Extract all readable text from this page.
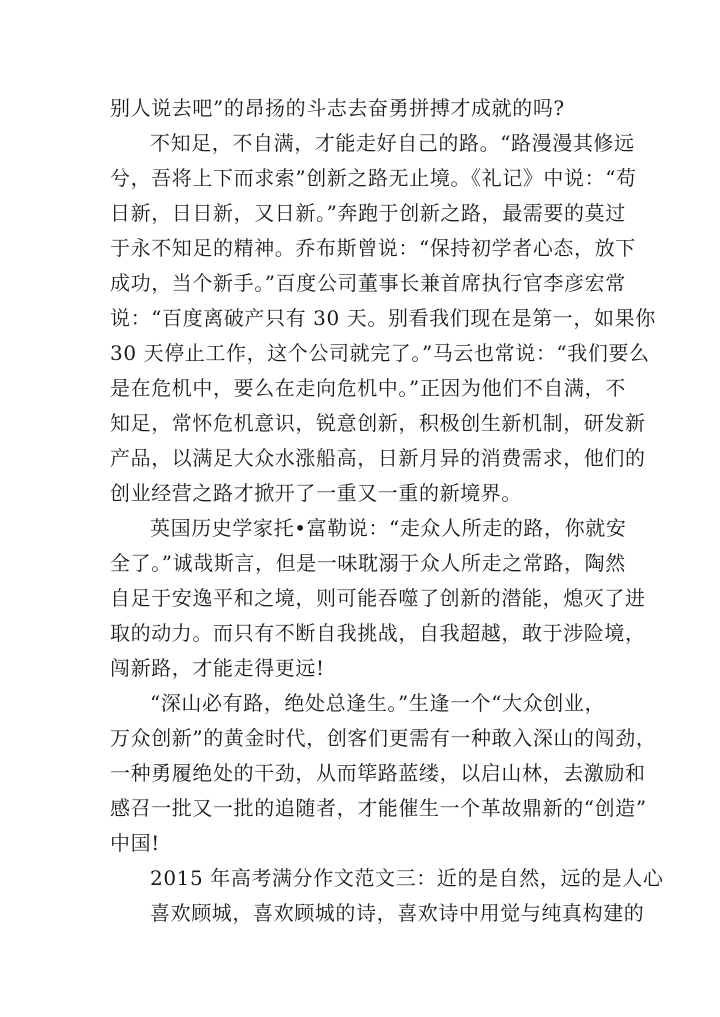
别人说去吧”的昂扬的斗志去奋勇拼搏才成就的吗?

不知足，不自满，才能走好自己的路。“路漫漫其修远

兮，吾将上下而求索”创新之路无止境。《礼记》中说：“苟

日新，日日新，又日新。”奔跑于创新之路，最需要的莫过

于永不知足的精神。乔布斯曾说：“保持初学者心态，放下

成功，当个新手。”百度公司董事长兼首席执行官李彦宏常

说：“百度离破产只有 30 天。别看我们现在是第一，如果你

30 天停止工作，这个公司就完了。”马云也常说：“我们要么

是在危机中，要么在走向危机中。”正因为他们不自满，不

知足，常怀危机意识，锐意创新，积极创生新机制，研发新

产品，以满足大众水涨船高，日新月异的消费需求，他们的

创业经营之路才掀开了一重又一重的新境界。

英国历史学家托•富勒说：“走众人所走的路，你就安

全了。”诚哉斯言，但是一味耽溺于众人所走之常路，陶然

自足于安逸平和之境，则可能吞噬了创新的潜能，熄灭了进

取的动力。而只有不断自我挑战，自我超越，敢于涉险境，

闯新路，才能走得更远!

“深山必有路，绝处总逢生。”生逢一个“大众创业，

万众创新”的黄金时代，创客们更需有一种敢入深山的闯劲，

一种勇履绝处的干劲，从而筚路蓝缕，以启山林，去激励和

感召一批又一批的追随者，才能催生一个革故鼎新的“创造”

中国!

2015 年高考满分作文范文三：近的是自然，远的是人心

喜欢顾城，喜欢顾城的诗，喜欢诗中用觉与纯真构建的
